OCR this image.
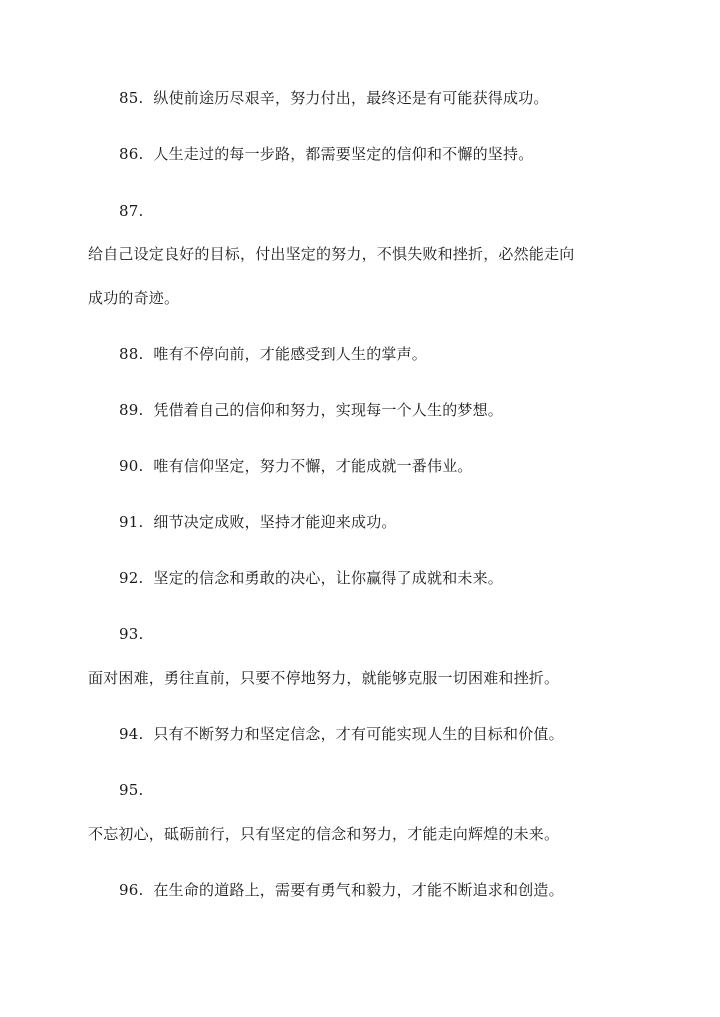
85. 纵使前途历尽艰辛，努力付出，最终还是有可能获得成功。
86. 人生走过的每一步路，都需要坚定的信仰和不懈的坚持。
87.
给自己设定良好的目标，付出坚定的努力，不惧失败和挫折，必然能走向
成功的奇迹。
88. 唯有不停向前，才能感受到人生的掌声。
89. 凭借着自己的信仰和努力，实现每一个人生的梦想。
90. 唯有信仰坚定，努力不懈，才能成就一番伟业。
91. 细节决定成败，坚持才能迎来成功。
92. 坚定的信念和勇敢的决心，让你赢得了成就和未来。
93.
面对困难，勇往直前，只要不停地努力，就能够克服一切困难和挫折。
94. 只有不断努力和坚定信念，才有可能实现人生的目标和价值。
95.
不忘初心，砥砺前行，只有坚定的信念和努力，才能走向辉煌的未来。
96. 在生命的道路上，需要有勇气和毅力，才能不断追求和创造。
